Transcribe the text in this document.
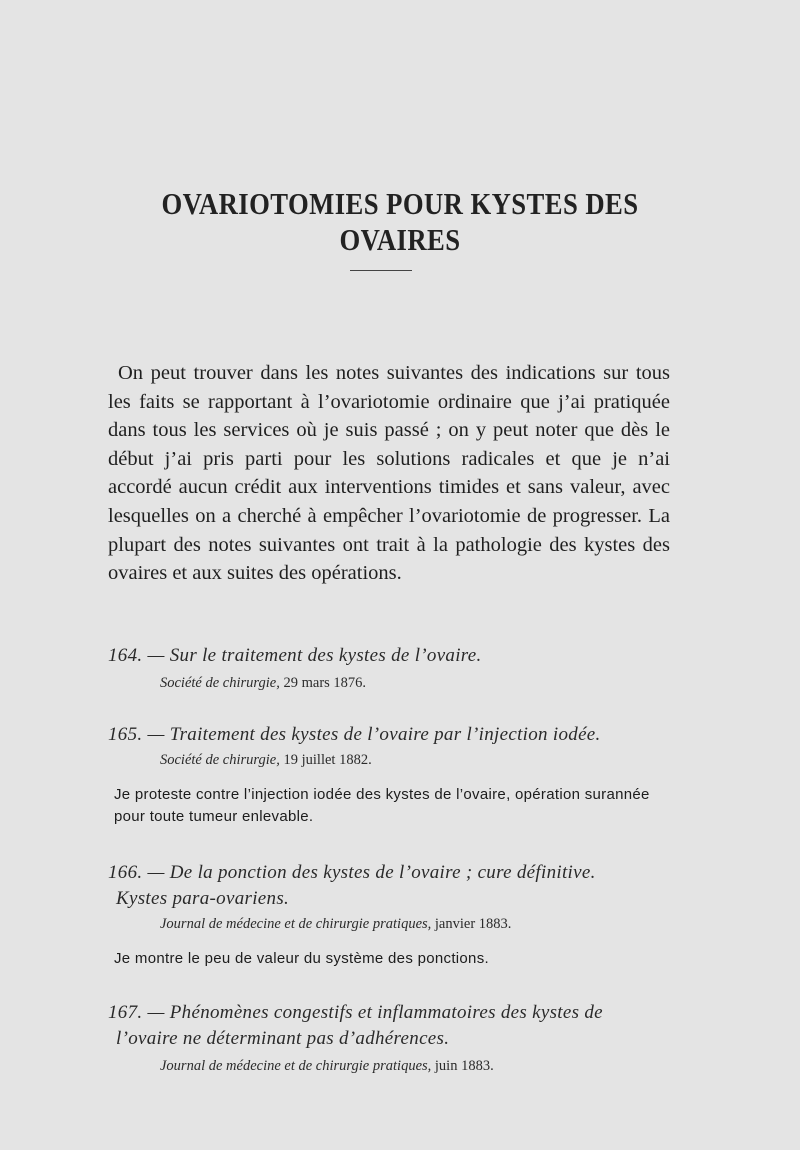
OVARIOTOMIES POUR KYSTES DES OVAIRES

On peut trouver dans les notes suivantes des indications sur tous les faits se rapportant à l’ovariotomie ordinaire que j’ai pratiquée dans tous les services où je suis passé ; on y peut noter que dès le début j’ai pris parti pour les solutions radicales et que je n’ai accordé aucun crédit aux interventions timides et sans valeur, avec lesquelles on a cherché à empêcher l’ovariotomie de progresser. La plupart des notes suivantes ont trait à la pathologie des kystes des ovaires et aux suites des opérations.

164. — Sur le traitement des kystes de l’ovaire.
Société de chirurgie, 29 mars 1876.
165. — Traitement des kystes de l’ovaire par l’injection iodée.
Société de chirurgie, 19 juillet 1882.
Je proteste contre l’injection iodée des kystes de l’ovaire, opération surannée pour toute tumeur enlevable.
166. — De la ponction des kystes de l’ovaire ; cure définitive.
Kystes para-ovariens.
Journal de médecine et de chirurgie pratiques, janvier 1883.
Je montre le peu de valeur du système des ponctions.
167. — Phénomènes congestifs et inflammatoires des kystes de
l’ovaire ne déterminant pas d’adhérences.
Journal de médecine et de chirurgie pratiques, juin 1883.
